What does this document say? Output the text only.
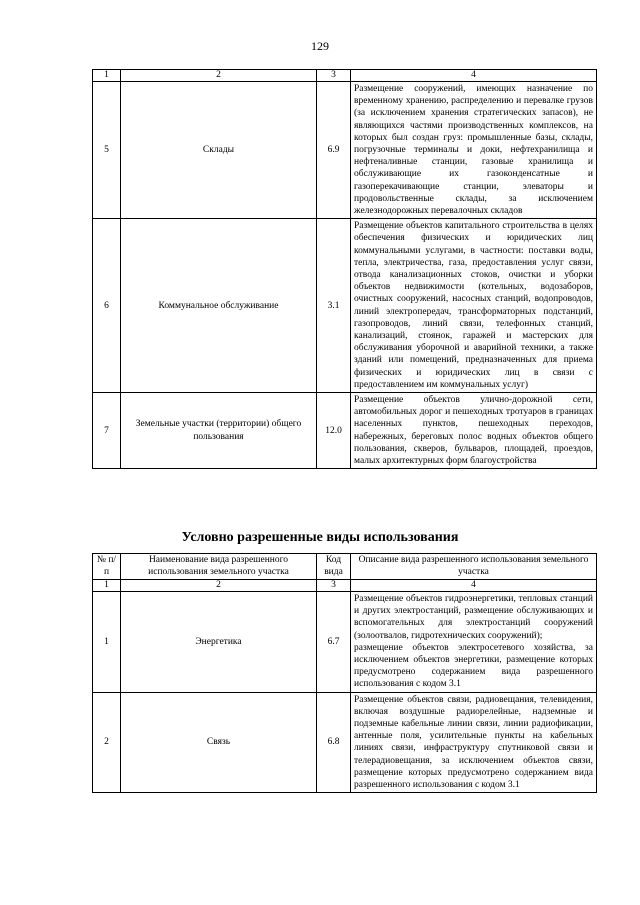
129
1	2	3	4
5	Склады	6.9	Размещение сооружений, имеющих назначение по временному хранению, распределению и перевалке грузов (за исключением хранения стратегических запасов), не являющихся частями производственных комплексов, на которых был создан груз: промышленные базы, склады, погрузочные терминалы и доки, нефтехранилища и нефтеналивные станции, газовые хранилища и обслуживающие их газоконденсатные и газоперекачивающие станции, элеваторы и продовольственные склады, за исключением железнодорожных перевалочных складов
6	Коммунальное обслуживание	3.1	Размещение объектов капитального строительства в целях обеспечения физических и юридических лиц коммунальными услугами, в частности: поставки воды, тепла, электричества, газа, предоставления услуг связи, отвода канализационных стоков, очистки и уборки объектов недвижимости (котельных, водозаборов, очистных сооружений, насосных станций, водопроводов, линий электропередач, трансформаторных подстанций, газопроводов, линий связи, телефонных станций, канализаций, стоянок, гаражей и мастерских для обслуживания уборочной и аварийной техники, а также зданий или помещений, предназначенных для приема физических и юридических лиц в связи с предоставлением им коммунальных услуг)
7	Земельные участки (территории) общего пользования	12.0	Размещение объектов улично-дорожной сети, автомобильных дорог и пешеходных тротуаров в границах населенных пунктов, пешеходных переходов, набережных, береговых полос водных объектов общего пользования, скверов, бульваров, площадей, проездов, малых архитектурных форм благоустройства
Условно разрешенные виды использования
№ п/п	Наименование вида разрешенного использования земельного участка	Код вида	Описание вида разрешенного использования земельного участка
1	2	3	4
1	Энергетика	6.7	Размещение объектов гидроэнергетики, тепловых станций и других электростанций, размещение обслуживающих и вспомогательных для электростанций сооружений (золоотвалов, гидротехнических сооружений);
размещение объектов электросетевого хозяйства, за исключением объектов энергетики, размещение которых предусмотрено содержанием вида разрешенного использования с кодом 3.1
2	Связь	6.8	Размещение объектов связи, радиовещания, телевидения, включая воздушные радиорелейные, надземные и подземные кабельные линии связи, линии радиофикации, антенные поля, усилительные пункты на кабельных линиях связи, инфраструктуру спутниковой связи и телерадиовещания, за исключением объектов связи, размещение которых предусмотрено содержанием вида разрешенного использования с кодом 3.1
